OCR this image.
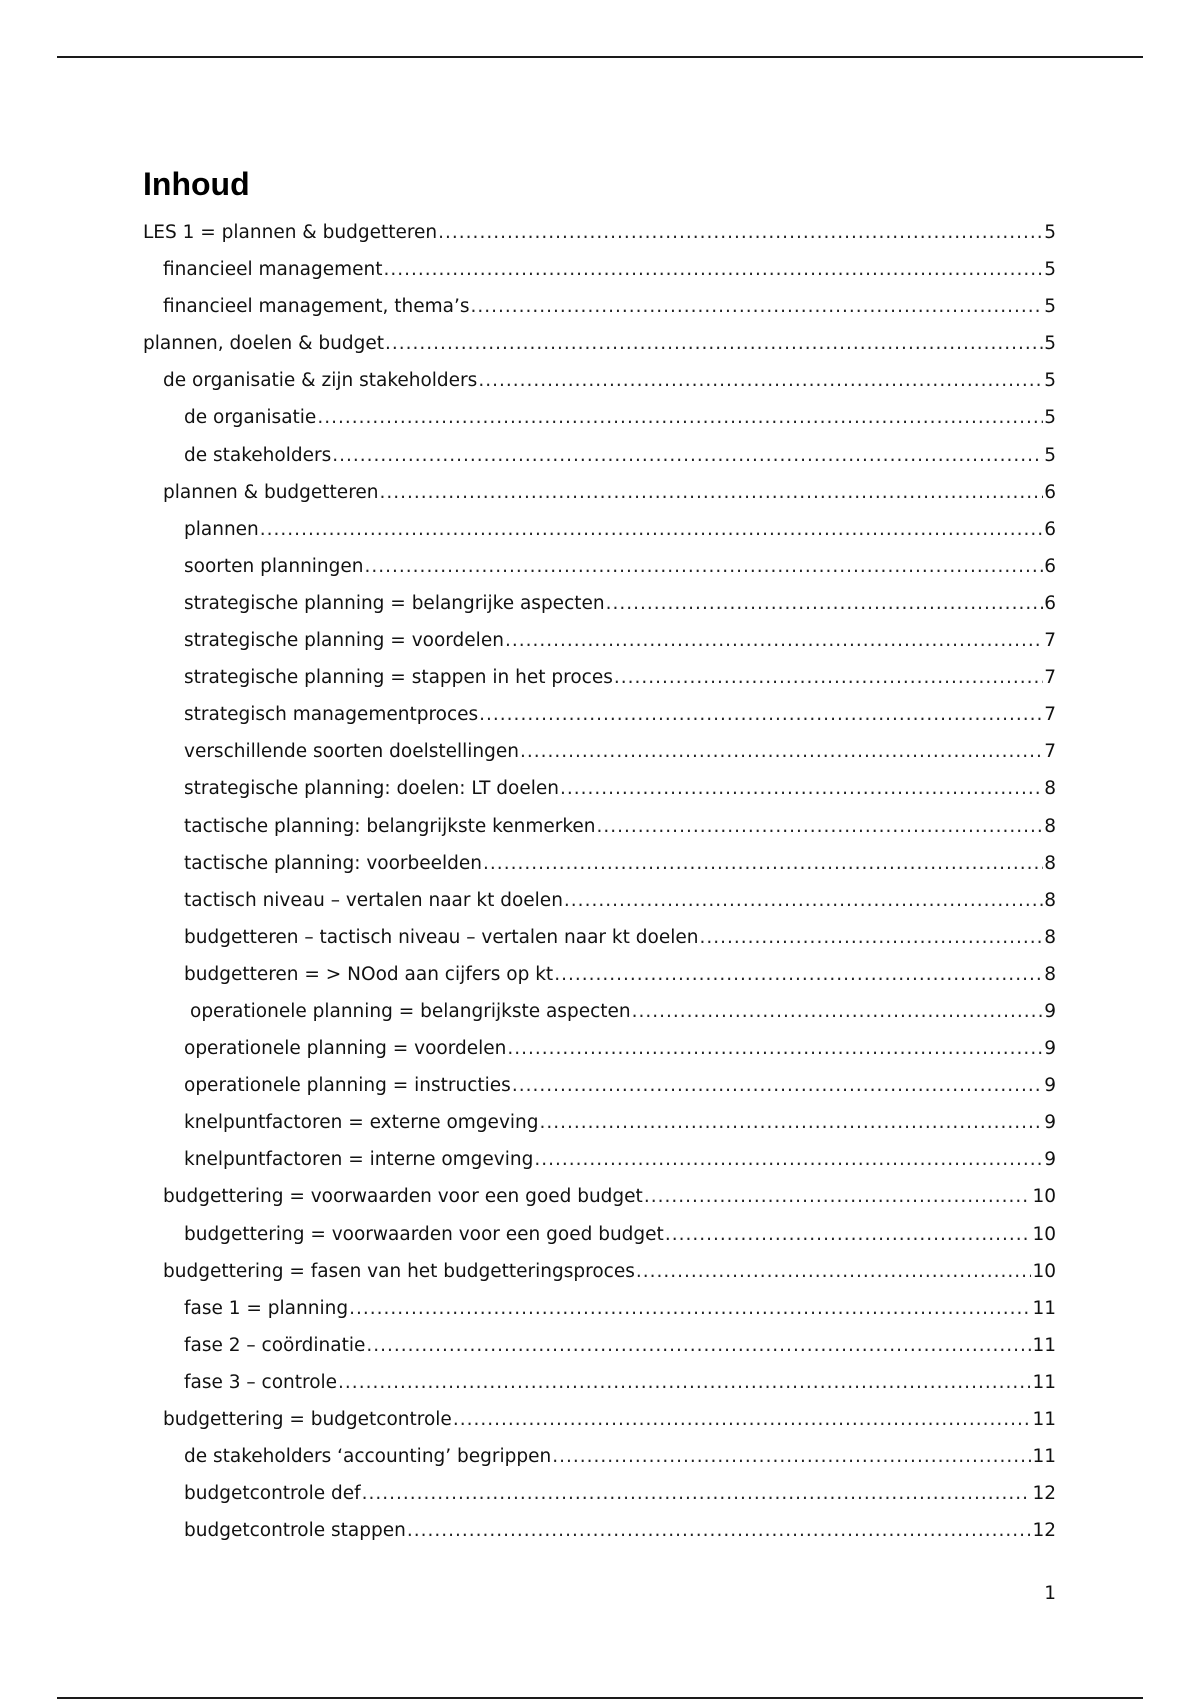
Inhoud
LES 1 = plannen & budgetteren .....	5
financieel management .....	5
financieel management, thema’s .....	5
plannen, doelen & budget .....	5
de organisatie & zijn stakeholders .....	5
de organisatie .....	5
de stakeholders .....	5
plannen & budgetteren .....	6
plannen .....	6
soorten planningen .....	6
strategische planning = belangrijke aspecten .....	6
strategische planning = voordelen .....	7
strategische planning = stappen in het proces .....	7
strategisch managementproces .....	7
verschillende soorten doelstellingen .....	7
strategische planning: doelen: LT doelen .....	8
tactische planning: belangrijkste kenmerken .....	8
tactische planning: voorbeelden .....	8
tactisch niveau – vertalen naar kt doelen .....	8
budgetteren – tactisch niveau – vertalen naar kt doelen .....	8
budgetteren = > NOod aan cijfers op kt .....	8
operationele planning = belangrijkste aspecten .....	9
operationele planning = voordelen .....	9
operationele planning = instructies .....	9
knelpuntfactoren = externe omgeving .....	9
knelpuntfactoren = interne omgeving .....	9
budgettering = voorwaarden voor een goed budget .....	10
budgettering = voorwaarden voor een goed budget .....	10
budgettering = fasen van het budgetteringsproces .....	10
fase 1 = planning .....	11
fase 2 – coördinatie .....	11
fase 3 – controle .....	11
budgettering = budgetcontrole .....	11
de stakeholders ‘accounting’ begrippen .....	11
budgetcontrole def .....	12
budgetcontrole stappen .....	12
1
